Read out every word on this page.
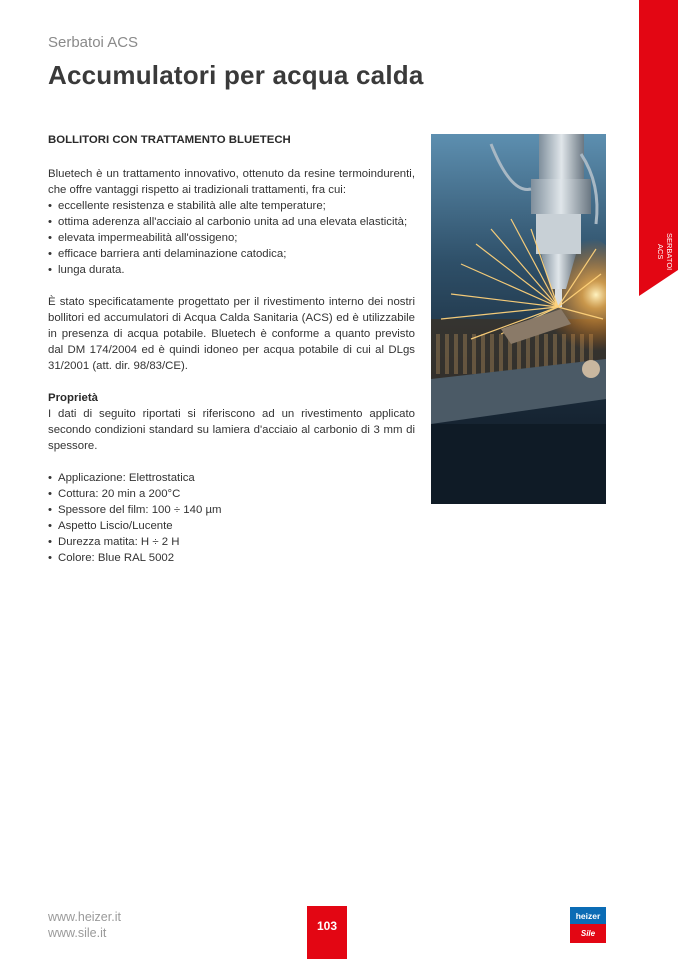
Serbatoi ACS
Accumulatori per acqua calda
SERBATOI
ACS
BOLLITORI CON TRATTAMENTO BLUETECH

Bluetech è un trattamento innovativo, ottenuto da resine termoindurenti, che offre vantaggi rispetto ai tradizionali trattamenti, fra cui:

• eccellente resistenza e stabilità alle alte temperature;
• ottima aderenza all'acciaio al carbonio unita ad una elevata elasticità;
• elevata impermeabilità all'ossigeno;
• efficace barriera anti delaminazione catodica;
• lunga durata.

È stato specificatamente progettato per il rivestimento interno dei nostri bollitori ed accumulatori di Acqua Calda Sanitaria (ACS) ed è utilizzabile in presenza di acqua potabile. Bluetech è conforme a quanto previsto dal DM 174/2004 ed è quindi idoneo per acqua potabile di cui al DLgs 31/2001 (att. dir. 98/83/CE).

Proprietà

I dati di seguito riportati si riferiscono ad un rivestimento applicato secondo condizioni standard su lamiera d'acciaio al carbonio di 3 mm di spessore.

• Applicazione: Elettrostatica
• Cottura: 20 min a 200°C
• Spessore del film: 100 ÷ 140 µm
• Aspetto Liscio/Lucente
• Durezza matita: H ÷ 2 H
• Colore: Blue RAL 5002
www.heizer.it
www.sile.it
103
heizer
Sile
